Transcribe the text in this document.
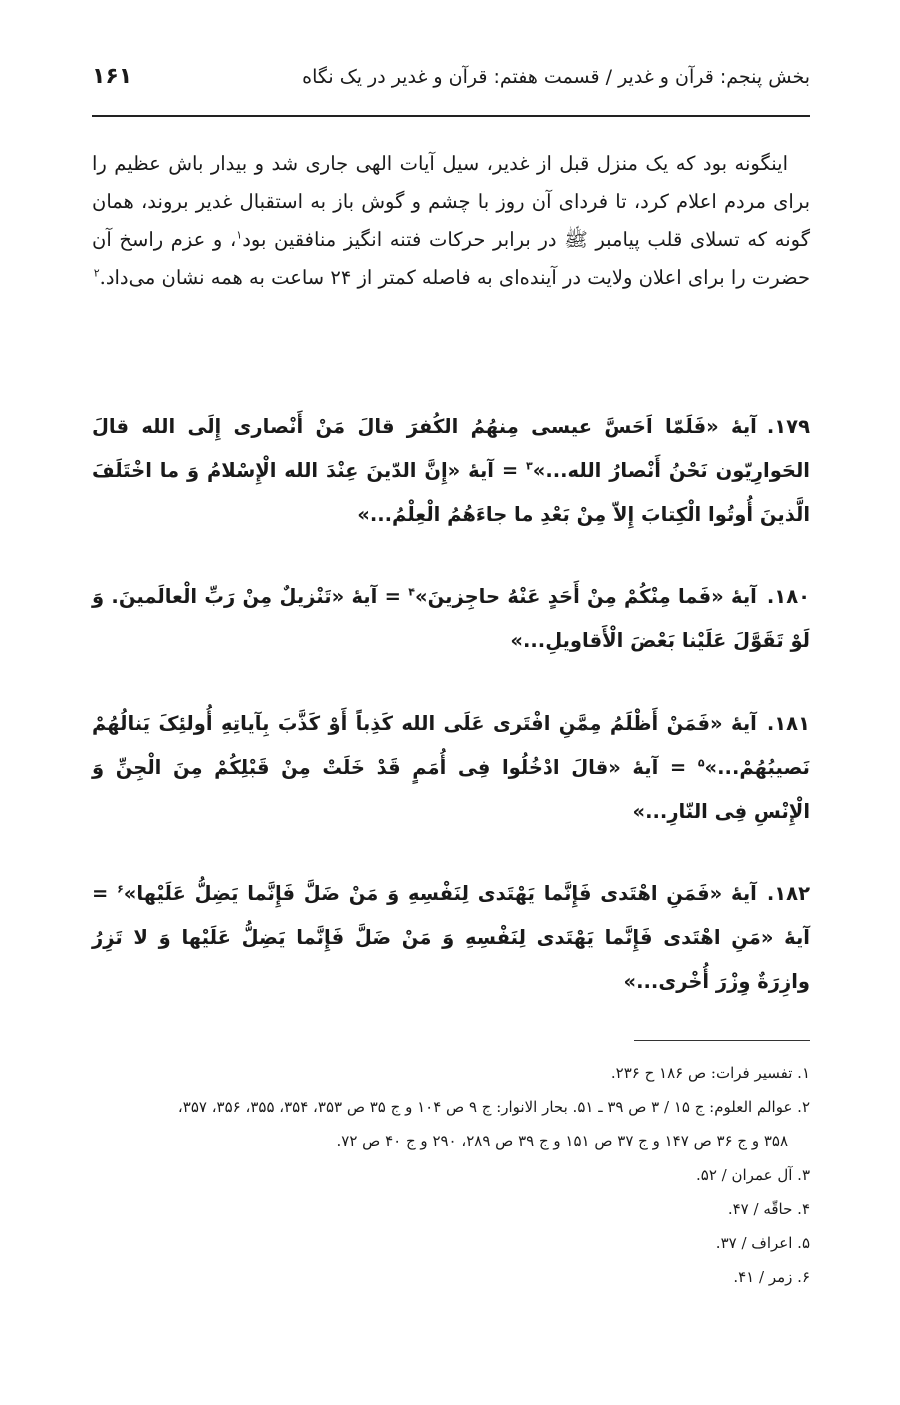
بخش پنجم: قرآن و غدیر / قسمت هفتم: قرآن و غدیر در یک نگاه
۱۶۱

اینگونه بود که یک منزل قبل از غدیر، سیل آیات الهی جاری شد و بیدار باش عظیم را برای مردم اعلام کرد، تا فردای آن روز با چشم و گوش باز به استقبال غدیر بروند، همان گونه که تسلای قلب پیامبر ﷺ در برابر حرکات فتنه انگیز منافقین بود$^۱$، و عزم راسخ آن حضرت را برای اعلان ولایت در آینده‌ای به فاصله کمتر از ۲۴ ساعت به همه نشان می‌داد.$^۲$

۱۷۹.آیهٔ «فَلَمّا اَحَسَّ عیسی مِنهُمُ الکُفرَ قالَ مَنْ أَنْصاری إِلَی الله قالَ الحَوارِیّون نَحْنُ أَنْصارُ الله...»$^۳$ = آیهٔ «إِنَّ الدّینَ عِنْدَ الله الْإِسْلامُ وَ ما اخْتَلَفَ الَّذینَ أُوتُوا الْکِتابَ إِلاّ مِنْ بَعْدِ ما جاءَهُمُ الْعِلْمُ...»
۱۸۰.آیهٔ «فَما مِنْکُمْ مِنْ أَحَدٍ عَنْهُ حاجِزینَ»$^۴$ = آیهٔ «تَنْزیلٌ مِنْ رَبِّ الْعالَمینَ. وَ لَوْ تَقَوَّلَ عَلَیْنا بَعْضَ الْأَقاویلِ...»
۱۸۱.آیهٔ «فَمَنْ أَظْلَمُ مِمَّنِ افْتَری عَلَی الله کَذِباً أَوْ کَذَّبَ بِآیاتِهِ أُولئِکَ یَنالُهُمْ نَصیبُهُمْ...»$^۵$ = آیهٔ «قالَ ادْخُلُوا فِی أُمَمٍ قَدْ خَلَتْ مِنْ قَبْلِکُمْ مِنَ الْجِنِّ وَ الْإِنْسِ فِی النّارِ...»
۱۸۲.آیهٔ «فَمَنِ اهْتَدی فَإِنَّما یَهْتَدی لِنَفْسِهِ وَ مَنْ ضَلَّ فَإِنَّما یَضِلُّ عَلَیْها»$^۶$ = آیهٔ «مَنِ اهْتَدی فَإِنَّما یَهْتَدی لِنَفْسِهِ وَ مَنْ ضَلَّ فَإِنَّما یَضِلُّ عَلَیْها وَ لا تَزِرُ وازِرَةٌ وِزْرَ أُخْری...»
۱. تفسیر فرات: ص ۱۸۶ ح ۲۳۶.
۲. عوالم العلوم: ج ۱۵ / ۳ ص ۳۹ ـ ۵۱. بحار الانوار: ج ۹ ص ۱۰۴ و ج ۳۵ ص ۳۵۳، ۳۵۴، ۳۵۵، ۳۵۶، ۳۵۷،
۳۵۸ و ج ۳۶ ص ۱۴۷ و ج ۳۷ ص ۱۵۱ و ج ۳۹ ص ۲۸۹، ۲۹۰ و ج ۴۰ ص ۷۲.
۳. آل عمران / ۵۲.
۴. حاقّه / ۴۷.
۵. اعراف / ۳۷.
۶. زمر / ۴۱.
